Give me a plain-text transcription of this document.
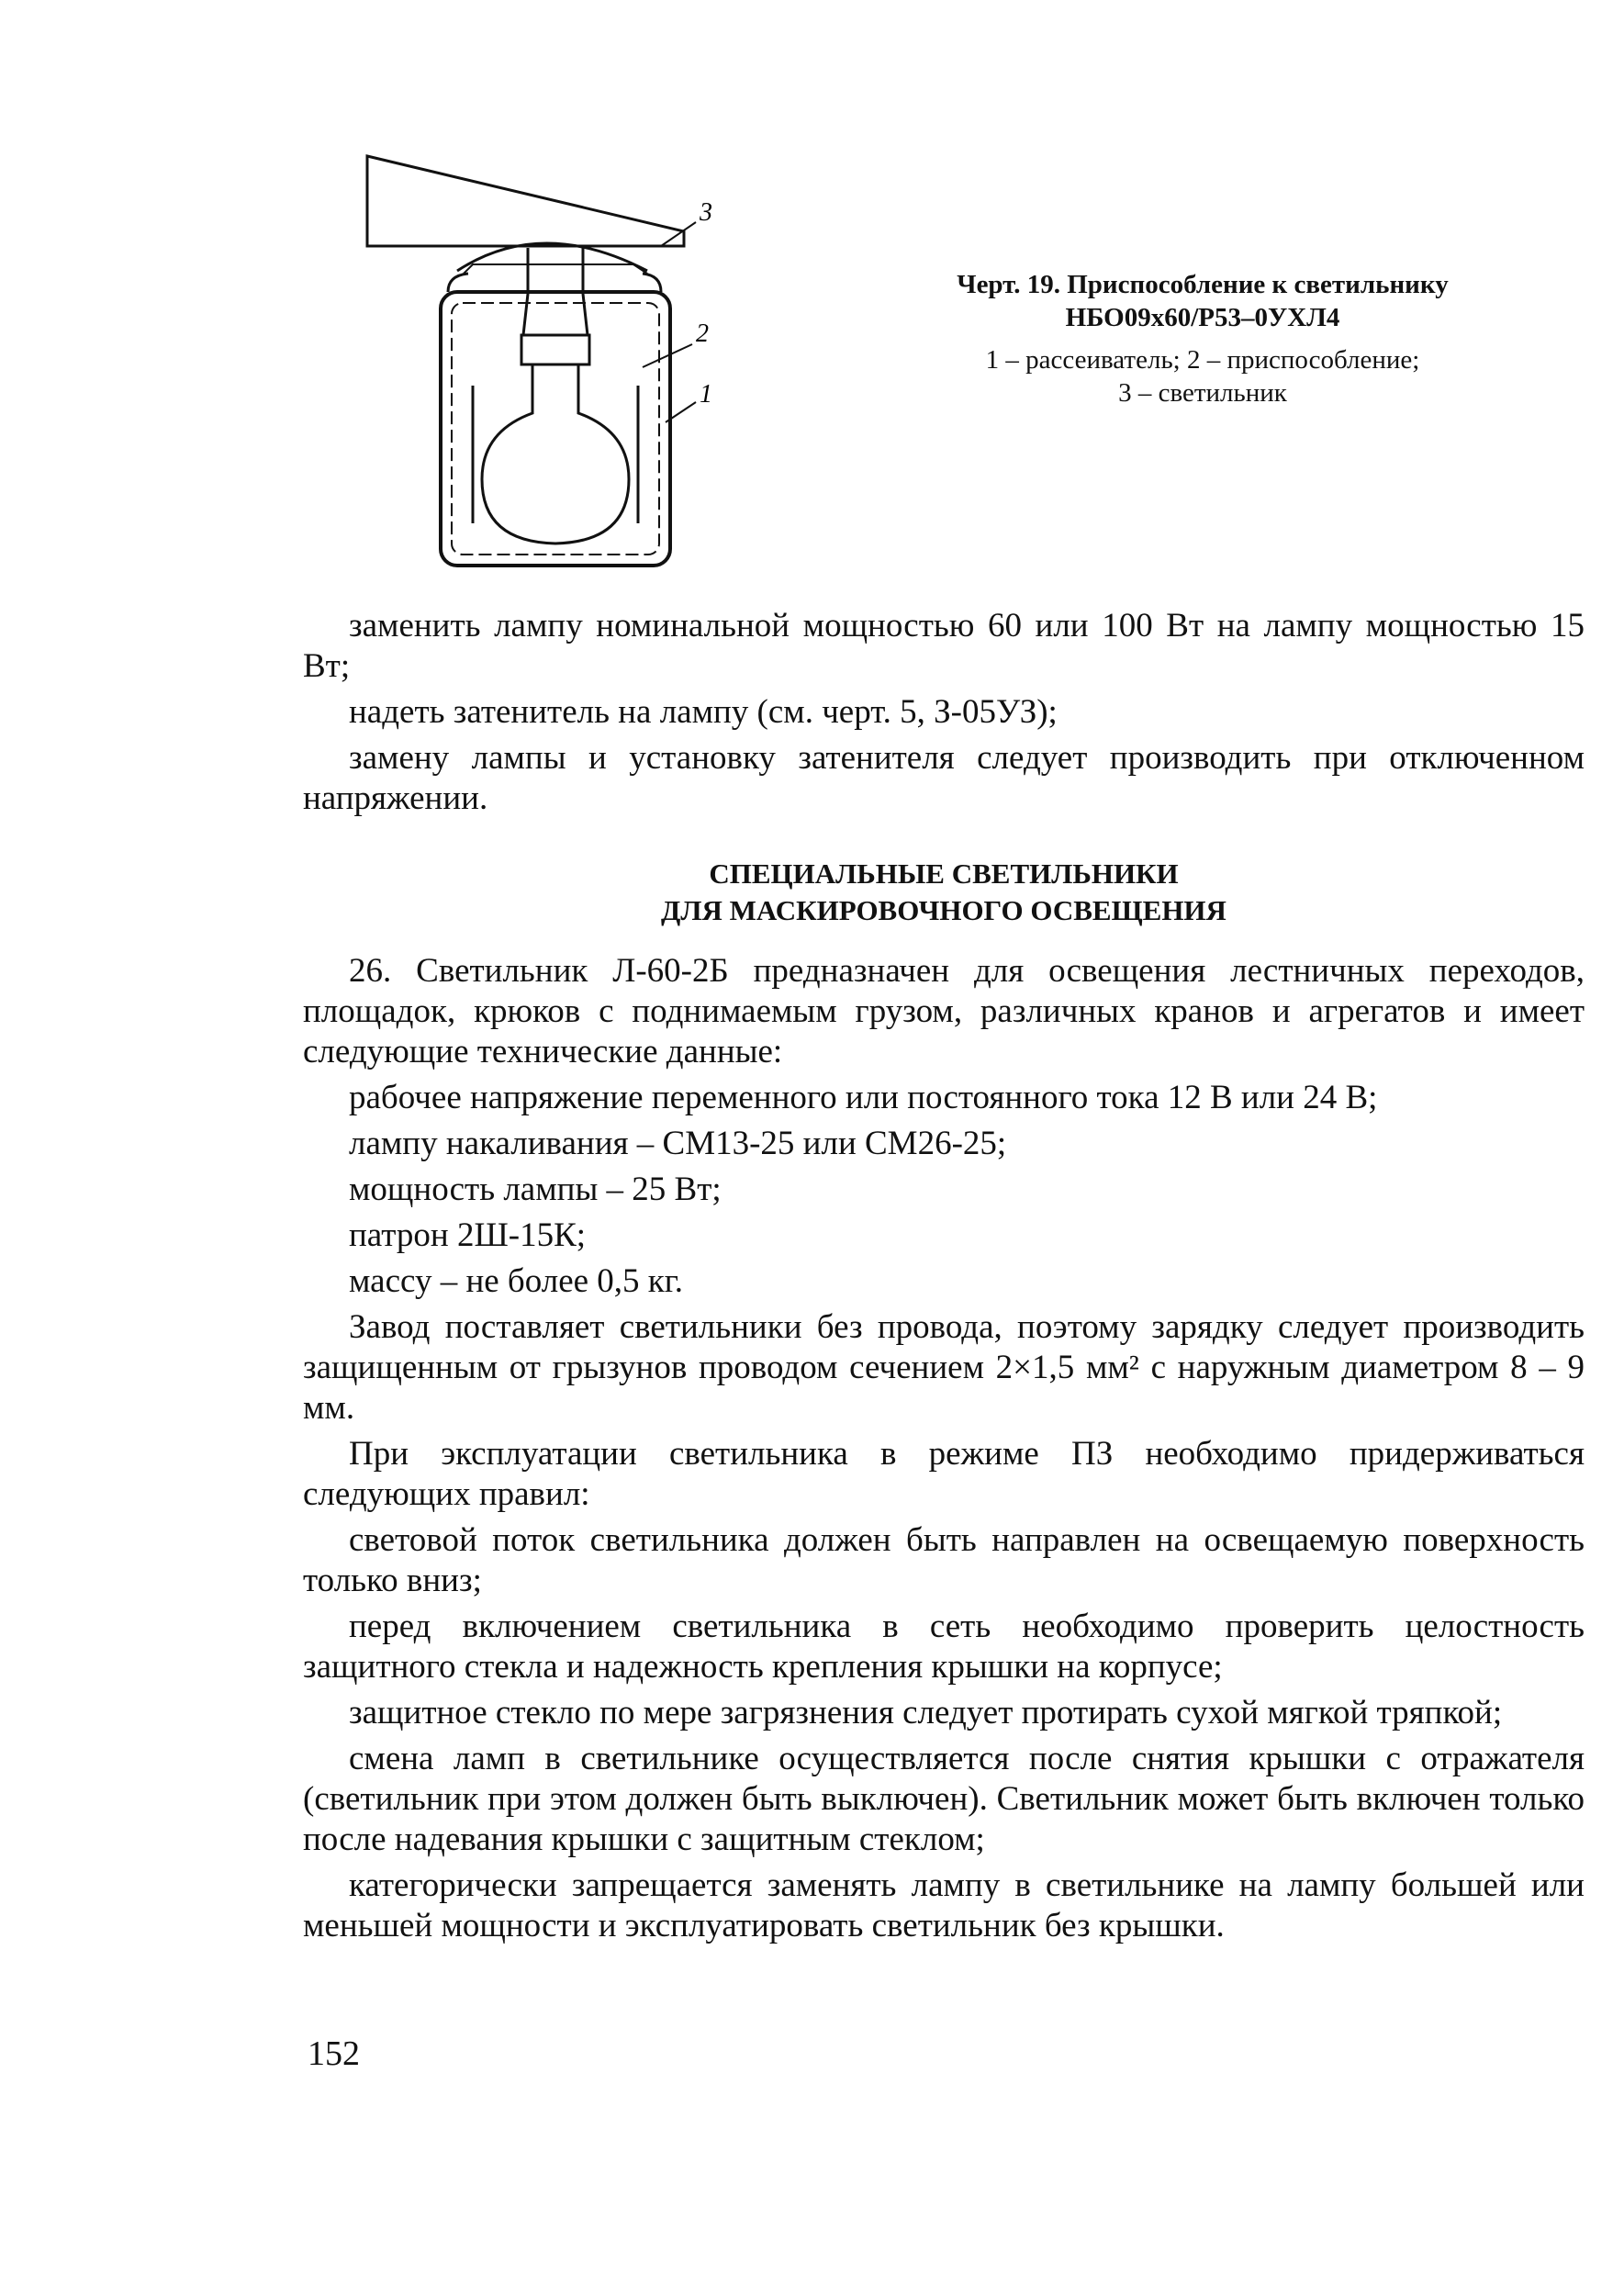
3
2
1
Черт. 19. Приспособление к светильнику
НБО09х60/Р53–0УХЛ4
1 – рассеиватель; 2 – приспособление;
3 – светильник

заменить лампу номинальной мощностью 60 или 100 Вт на лампу мощностью 15 Вт;

надеть затенитель на лампу (см. черт. 5, З-05УЗ);

замену лампы и установку затенителя следует производить при отключенном напряжении.

СПЕЦИАЛЬНЫЕ СВЕТИЛЬНИКИ
ДЛЯ МАСКИРОВОЧНОГО ОСВЕЩЕНИЯ

26. Светильник Л-60-2Б предназначен для освещения лестничных переходов, площадок, крюков с поднимаемым грузом, различных кранов и агрегатов и имеет следующие технические данные:

рабочее напряжение переменного или постоянного тока 12 В или 24 В;

лампу накаливания – СМ13-25 или СМ26-25;

мощность лампы – 25 Вт;

патрон 2Ш-15К;

массу – не более 0,5 кг.

Завод поставляет светильники без провода, поэтому зарядку следует производить защищенным от грызунов проводом сечением 2×1,5 мм² с наружным диаметром 8 – 9 мм.

При эксплуатации светильника в режиме ПЗ необходимо придерживаться следующих правил:

световой поток светильника должен быть направлен на освещаемую поверхность только вниз;

перед включением светильника в сеть необходимо проверить целостность защитного стекла и надежность крепления крышки на корпусе;

защитное стекло по мере загрязнения следует протирать сухой мягкой тряпкой;

смена ламп в светильнике осуществляется после снятия крышки с отражателя (светильник при этом должен быть выключен). Светильник может быть включен только после надевания крышки с защитным стеклом;

категорически запрещается заменять лампу в светильнике на лампу большей или меньшей мощности и эксплуатировать светильник без крышки.

152
